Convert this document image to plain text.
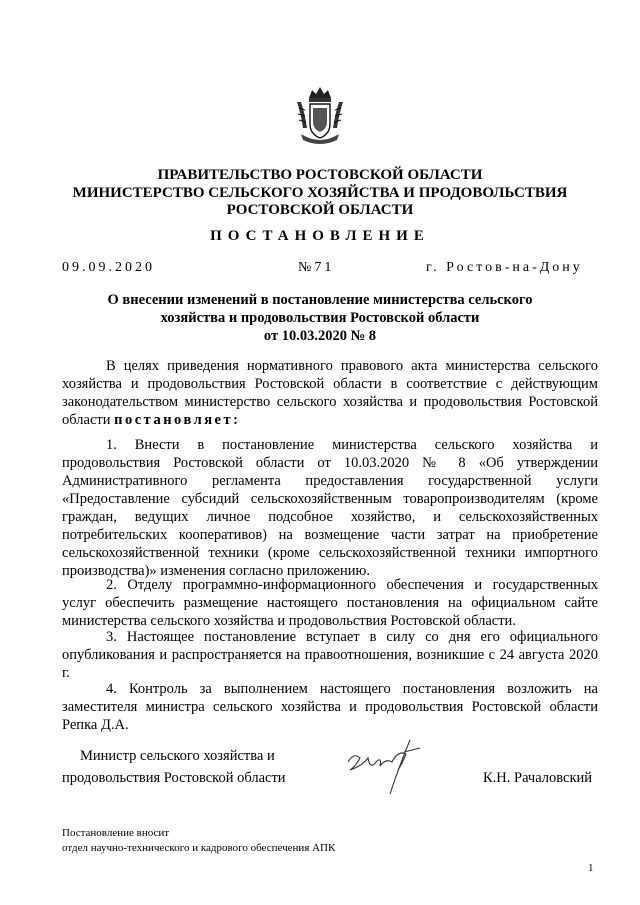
ПРАВИТЕЛЬСТВО РОСТОВСКОЙ ОБЛАСТИ
МИНИСТЕРСТВО СЕЛЬСКОГО ХОЗЯЙСТВА И ПРОДОВОЛЬСТВИЯ
РОСТОВСКОЙ ОБЛАСТИ
ПОСТАНОВЛЕНИЕ
09.09.2020	№71	г. Ростов-на-Дону
О внесении изменений в постановление министерства сельского
хозяйства и продовольствия Ростовской области
от 10.03.2020 № 8
В целях приведения нормативного правового акта министерства сельского хозяйства и продовольствия Ростовской области в соответствие с действующим законодательством министерство сельского хозяйства и продовольствия Ростовской области постановляет:
1. Внести в постановление министерства сельского хозяйства и продовольствия Ростовской области от 10.03.2020 № 8 «Об утверждении Административного регламента предоставления государственной услуги «Предоставление субсидий сельскохозяйственным товаропроизводителям (кроме граждан, ведущих личное подсобное хозяйство, и сельскохозяйственных потребительских кооперативов) на возмещение части затрат на приобретение сельскохозяйственной техники (кроме сельскохозяйственной техники импортного производства)» изменения согласно приложению.
2. Отделу программно-информационного обеспечения и государственных услуг обеспечить размещение настоящего постановления на официальном сайте министерства сельского хозяйства и продовольствия Ростовской области.
3. Настоящее постановление вступает в силу со дня его официального опубликования и распространяется на правоотношения, возникшие с 24 августа 2020 г.
4. Контроль за выполнением настоящего постановления возложить на заместителя министра сельского хозяйства и продовольствия Ростовской области Репка Д.А.
Министр сельского хозяйства и
продовольствия Ростовской области	К.Н. Рачаловский
Постановление вносит
отдел научно-технического и кадрового обеспечения АПК
1
